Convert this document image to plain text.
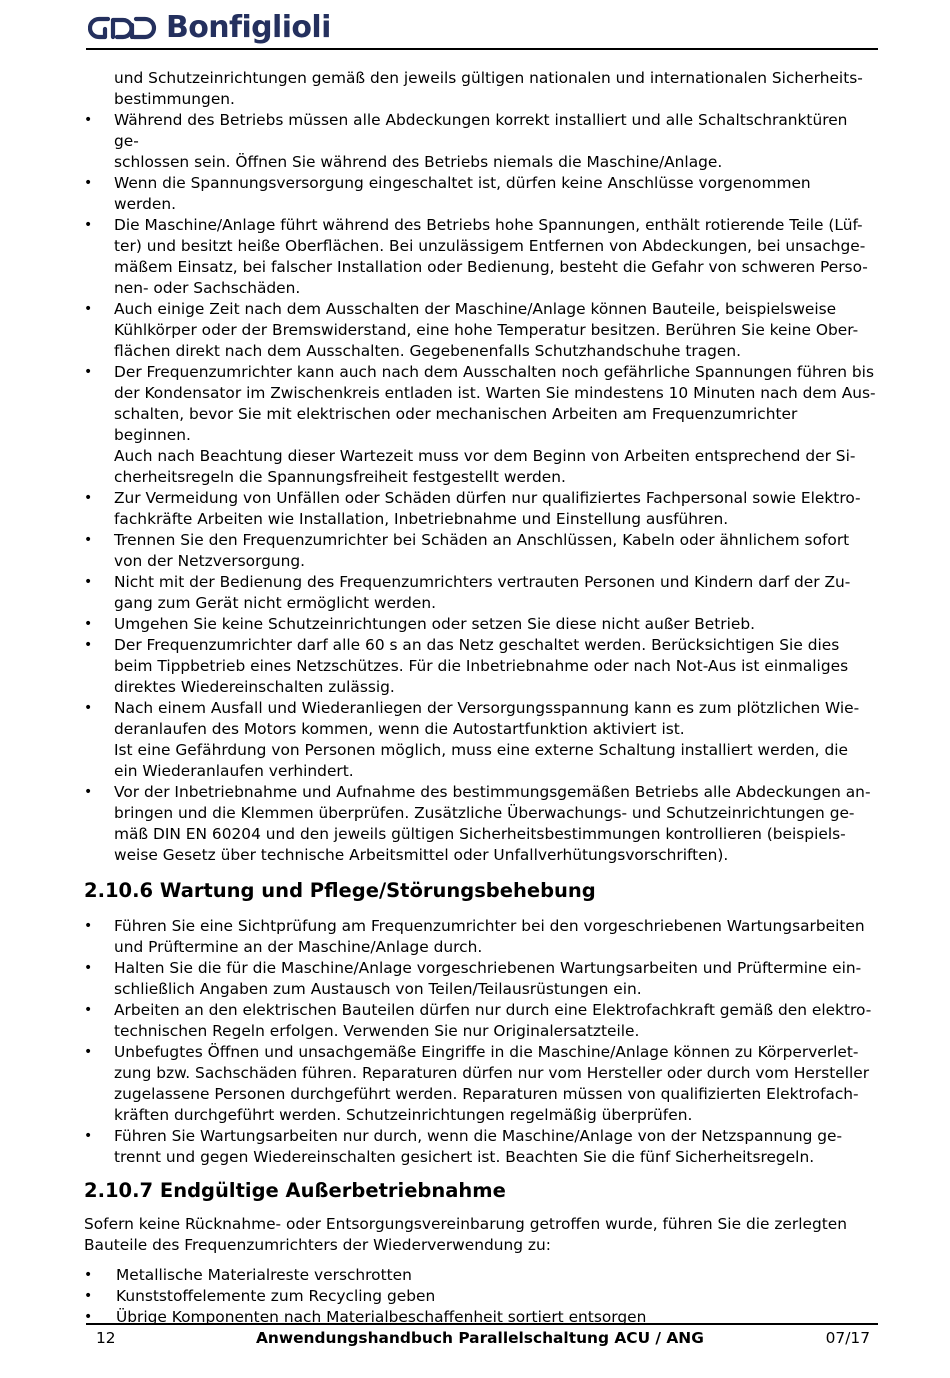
Bonfiglioli
und Schutzeinrichtungen gemäß den jeweils gültigen nationalen und internationalen Sicherheits-
bestimmungen.
• Während des Betriebs müssen alle Abdeckungen korrekt installiert und alle Schaltschranktüren ge-
schlossen sein. Öffnen Sie während des Betriebs niemals die Maschine/Anlage.
• Wenn die Spannungsversorgung eingeschaltet ist, dürfen keine Anschlüsse vorgenommen werden.
• Die Maschine/Anlage führt während des Betriebs hohe Spannungen, enthält rotierende Teile (Lüf-
ter) und besitzt heiße Oberflächen. Bei unzulässigem Entfernen von Abdeckungen, bei unsachge-
mäßem Einsatz, bei falscher Installation oder Bedienung, besteht die Gefahr von schweren Perso-
nen- oder Sachschäden.
• Auch einige Zeit nach dem Ausschalten der Maschine/Anlage können Bauteile, beispielsweise
Kühlkörper oder der Bremswiderstand, eine hohe Temperatur besitzen. Berühren Sie keine Ober-
flächen direkt nach dem Ausschalten. Gegebenenfalls Schutzhandschuhe tragen.
• Der Frequenzumrichter kann auch nach dem Ausschalten noch gefährliche Spannungen führen bis
der Kondensator im Zwischenkreis entladen ist. Warten Sie mindestens 10 Minuten nach dem Aus-
schalten, bevor Sie mit elektrischen oder mechanischen Arbeiten am Frequenzumrichter beginnen.
Auch nach Beachtung dieser Wartezeit muss vor dem Beginn von Arbeiten entsprechend der Si-
cherheitsregeln die Spannungsfreiheit festgestellt werden.
• Zur Vermeidung von Unfällen oder Schäden dürfen nur qualifiziertes Fachpersonal sowie Elektro-
fachkräfte Arbeiten wie Installation, Inbetriebnahme und Einstellung ausführen.
• Trennen Sie den Frequenzumrichter bei Schäden an Anschlüssen, Kabeln oder ähnlichem sofort
von der Netzversorgung.
• Nicht mit der Bedienung des Frequenzumrichters vertrauten Personen und Kindern darf der Zu-
gang zum Gerät nicht ermöglicht werden.
• Umgehen Sie keine Schutzeinrichtungen oder setzen Sie diese nicht außer Betrieb.
• Der Frequenzumrichter darf alle 60 s an das Netz geschaltet werden. Berücksichtigen Sie dies
beim Tippbetrieb eines Netzschützes. Für die Inbetriebnahme oder nach Not-Aus ist einmaliges
direktes Wiedereinschalten zulässig.
• Nach einem Ausfall und Wiederanliegen der Versorgungsspannung kann es zum plötzlichen Wie-
deranlaufen des Motors kommen, wenn die Autostartfunktion aktiviert ist.
Ist eine Gefährdung von Personen möglich, muss eine externe Schaltung installiert werden, die
ein Wiederanlaufen verhindert.
• Vor der Inbetriebnahme und Aufnahme des bestimmungsgemäßen Betriebs alle Abdeckungen an-
bringen und die Klemmen überprüfen. Zusätzliche Überwachungs- und Schutzeinrichtungen ge-
mäß DIN EN 60204 und den jeweils gültigen Sicherheitsbestimmungen kontrollieren (beispiels-
weise Gesetz über technische Arbeitsmittel oder Unfallverhütungsvorschriften).
2.10.6 Wartung und Pflege/Störungsbehebung
• Führen Sie eine Sichtprüfung am Frequenzumrichter bei den vorgeschriebenen Wartungsarbeiten
und Prüftermine an der Maschine/Anlage durch.
• Halten Sie die für die Maschine/Anlage vorgeschriebenen Wartungsarbeiten und Prüftermine ein-
schließlich Angaben zum Austausch von Teilen/Teilausrüstungen ein.
• Arbeiten an den elektrischen Bauteilen dürfen nur durch eine Elektrofachkraft gemäß den elektro-
technischen Regeln erfolgen. Verwenden Sie nur Originalersatzteile.
• Unbefugtes Öffnen und unsachgemäße Eingriffe in die Maschine/Anlage können zu Körperverlet-
zung bzw. Sachschäden führen. Reparaturen dürfen nur vom Hersteller oder durch vom Hersteller
zugelassene Personen durchgeführt werden. Reparaturen müssen von qualifizierten Elektrofach-
kräften durchgeführt werden. Schutzeinrichtungen regelmäßig überprüfen.
• Führen Sie Wartungsarbeiten nur durch, wenn die Maschine/Anlage von der Netzspannung ge-
trennt und gegen Wiedereinschalten gesichert ist. Beachten Sie die fünf Sicherheitsregeln.
2.10.7 Endgültige Außerbetriebnahme

Sofern keine Rücknahme- oder Entsorgungsvereinbarung getroffen wurde, führen Sie die zerlegten
Bauteile des Frequenzumrichters der Wiederverwendung zu:

• Metallische Materialreste verschrotten
• Kunststoffelemente zum Recycling geben
• Übrige Komponenten nach Materialbeschaffenheit sortiert entsorgen
12	Anwendungshandbuch Parallelschaltung ACU / ANG	07/17
